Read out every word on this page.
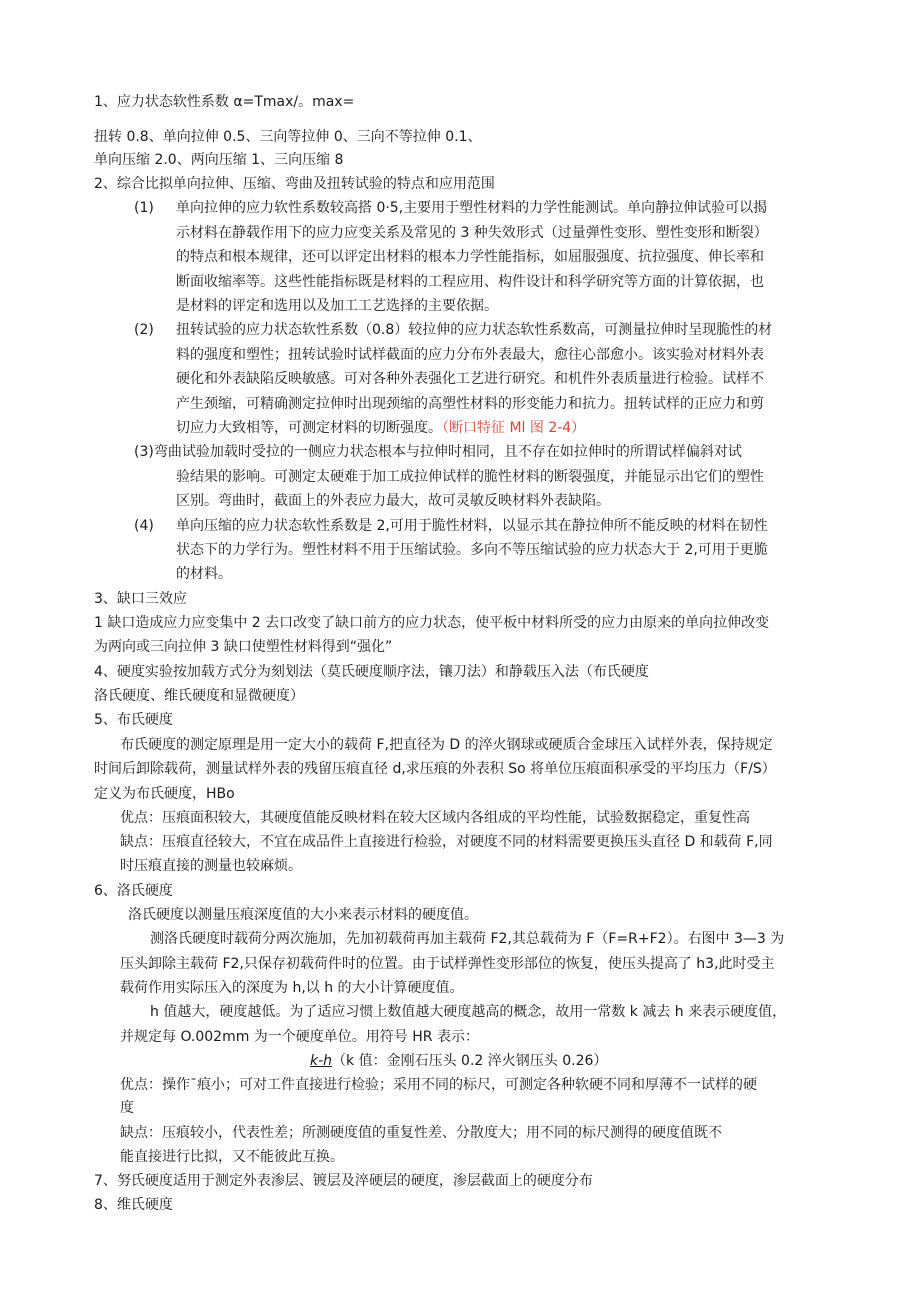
1、应力状态软性系数 α=Tmax/。max=
扭转 0.8、单向拉伸 0.5、三向等拉伸 0、三向不等拉伸 0.1、
单向压缩 2.0、两向压缩 1、三向压缩 8
2、综合比拟单向拉伸、压缩、弯曲及扭转试验的特点和应用范围
(1) 单向拉伸的应力软性系数较高搭 0·5,主要用于塑性材料的力学性能测试。单向静拉伸试验可以揭
示材料在静载作用下的应力应变关系及常见的 3 种失效形式（过量弹性变形、塑性变形和断裂）
的特点和根本规律，还可以评定出材料的根本力学性能指标，如屈服强度、抗拉强度、伸长率和
断面收缩率等。这些性能指标既是材料的工程应用、构件设计和科学研究等方面的计算依据，也
是材料的评定和选用以及加工工艺选择的主要依据。
(2) 扭转试验的应力状态软性系数（0.8）较拉伸的应力状态软性系数高，可测量拉伸时呈现脆性的材
料的强度和塑性；扭转试验时试样截面的应力分布外表最大，愈往心部愈小。该实验对材料外表
硬化和外表缺陷反映敏感。可对各种外表强化工艺进行研究。和机件外表质量进行检验。试样不
产生颈缩，可精确测定拉伸时出现颈缩的高塑性材料的形变能力和抗力。扭转试样的正应力和剪
切应力大致相等，可测定材料的切断强度。（断口特征 Ml 图 2-4）
(3)弯曲试验加载时受拉的一侧应力状态根本与拉伸时相同，且不存在如拉伸时的所谓试样偏斜对试
验结果的影响。可测定太硬难于加工成拉伸试样的脆性材料的断裂强度，并能显示出它们的塑性
区别。弯曲时，截面上的外表应力最大，故可灵敏反映材料外表缺陷。
(4) 单向压缩的应力状态软性系数是 2,可用于脆性材料，以显示其在静拉伸所不能反映的材料在韧性
状态下的力学行为。塑性材料不用于压缩试验。多向不等压缩试验的应力状态大于 2,可用于更脆
的材料。
3、缺口三效应
1 缺口造成应力应变集中 2 去口改变了缺口前方的应力状态，使平板中材料所受的应力由原来的单向拉伸改变
为两向或三向拉伸 3 缺口使塑性材料得到“强化”
4、硬度实验按加载方式分为刻划法（莫氏硬度顺序法，镶刀法）和静载压入法（布氏硬度
洛氏硬度、维氏硬度和显微硬度）
5、布氏硬度
布氏硬度的测定原理是用一定大小的载荷 F,把直径为 D 的淬火钢球或硬质合金球压入试样外表，保持规定
时间后卸除载荷，测量试样外表的残留压痕直径 d,求压痕的外表积 So 将单位压痕面积承受的平均压力（F/S）
定义为布氏硬度，HBo
优点：压痕面积较大，其硬度值能反映材料在较大区域内各组成的平均性能，试验数据稳定，重复性高
缺点：压痕直径较大，不宜在成品件上直接进行检验，对硬度不同的材料需要更换压头直径 D 和载荷 F,同
时压痕直接的测量也较麻烦。
6、洛氏硬度
洛氏硬度以测量压痕深度值的大小来表示材料的硬度值。
测洛氏硬度时载荷分两次施加，先加初载荷再加主载荷 F2,其总载荷为 F（F=R+F2）。右图中 3—3 为
压头卸除主载荷 F2,只保存初载荷件时的位置。由于试样弹性变形部位的恢复，使压头提高了 h3,此时受主
载荷作用实际压入的深度为 h,以 h 的大小计算硬度值。
h 值越大，硬度越低。为了适应习惯上数值越大硬度越高的概念，故用一常数 k 减去 h 来表示硬度值，
并规定每 O.002mm 为一个硬度单位。用符号 HR 表示：
k-h（k 值：金刚石压头 0.2 淬火钢压头 0.26）
优点：操作ˉ痕小；可对工件直接进行检验；采用不同的标尺，可测定各种软硬不同和厚薄不一试样的硬
度
缺点：压痕较小，代表性差；所测硬度值的重复性差、分散度大；用不同的标尺测得的硬度值既不
能直接进行比拟，又不能彼此互换。
7、努氏硬度适用于测定外表渗层、镀层及淬硬层的硬度，渗层截面上的硬度分布
8、维氏硬度
